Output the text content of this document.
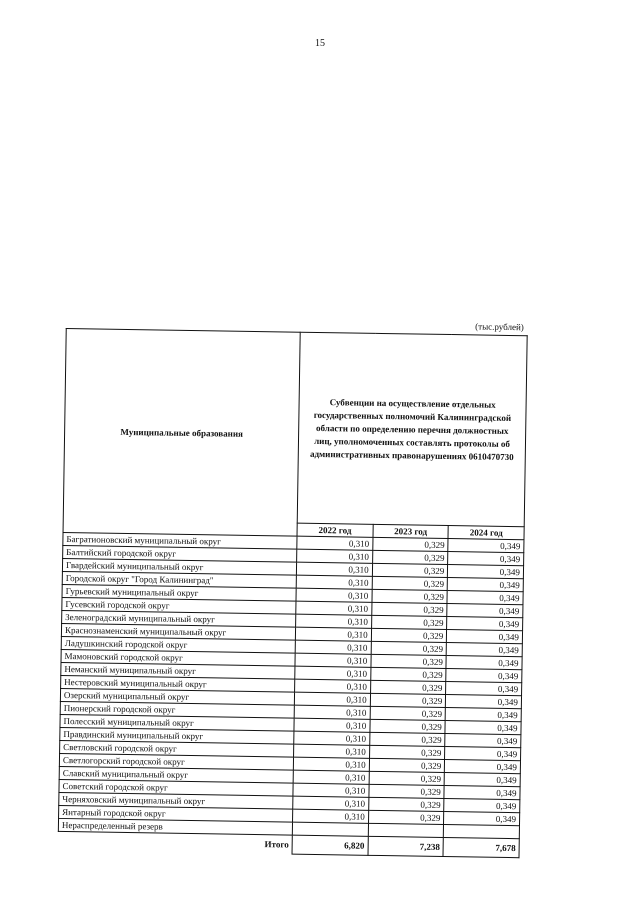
15
(тыс.рублей)
Муниципальные образования	Субвенции на осуществление отдельных государственных полномочий Калининградской области по определению перечня должностных лиц, уполномоченных составлять протоколы об административных правонарушениях 0610470730		
	2022 год	2023 год	2024 год
Багратионовский муниципальный округ	0,310	0,329	0,349
Балтийский городской округ	0,310	0,329	0,349
Гвардейский муниципальный округ	0,310	0,329	0,349
Городской округ "Город Калининград"	0,310	0,329	0,349
Гурьевский муниципальный округ	0,310	0,329	0,349
Гусевский городской округ	0,310	0,329	0,349
Зеленоградский муниципальный округ	0,310	0,329	0,349
Краснознаменский муниципальный округ	0,310	0,329	0,349
Ладушкинский городской округ	0,310	0,329	0,349
Мамоновский городской округ	0,310	0,329	0,349
Неманский муниципальный округ	0,310	0,329	0,349
Нестеровский муниципальный округ	0,310	0,329	0,349
Озерский муниципальный округ	0,310	0,329	0,349
Пионерский городской округ	0,310	0,329	0,349
Полесский муниципальный округ	0,310	0,329	0,349
Правдинский муниципальный округ	0,310	0,329	0,349
Светловский городской округ	0,310	0,329	0,349
Светлогорский городской округ	0,310	0,329	0,349
Славский муниципальный округ	0,310	0,329	0,349
Советский городской округ	0,310	0,329	0,349
Черняховский муниципальный округ	0,310	0,329	0,349
Янтарный городской округ	0,310	0,329	0,349
Нераспределенный резерв			
Итого	6,820	7,238	7,678
